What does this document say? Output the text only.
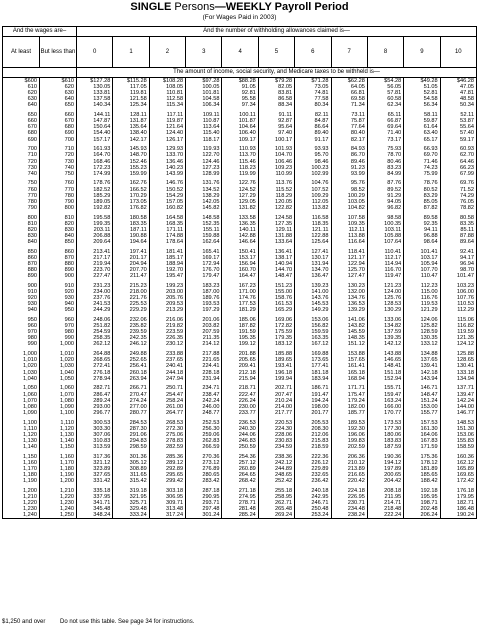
SINGLE Persons—WEEKLY Payroll Period
(For Wages Paid in 2003)
And the wages are–		And the number of withholding allowances claimed is—										
At least	But less than	0	1	2	3	4	5	6	7	8	9	10
		The amount of income, social security, and Medicare taxes to be withheld is—										
$600	$610	$127.28	$115.28	$108.28	$97.28	$88.28	$79.28	$71.28	$62.28	$54.28	$49.28	$46.28
610	620	130.05	117.05	108.05	100.05	91.05	82.05	73.05	64.05	56.05	51.05	47.05
620	630	133.81	119.81	110.81	101.81	92.81	83.81	74.81	66.81	57.81	52.81	47.81
630	640	137.58	121.58	112.58	104.58	95.58	86.58	77.58	69.58	60.58	54.58	48.58
640	650	140.34	125.34	115.34	106.34	97.34	88.34	80.34	71.34	62.34	56.34	50.34

650	660	144.11	128.11	117.11	109.11	100.11	91.11	82.11	73.11	65.11	58.11	52.11
660	670	147.87	131.87	119.87	110.87	101.87	92.87	84.87	75.87	66.87	59.87	53.87
670	680	150.64	135.64	121.64	113.64	104.64	95.64	86.64	77.64	69.64	61.64	55.64
680	690	154.40	138.40	124.40	115.40	106.40	97.40	89.40	80.40	71.40	63.40	57.40
690	700	157.17	142.17	126.17	118.17	109.17	100.17	91.17	82.17	73.17	65.17	59.17

700	710	161.93	145.93	129.93	119.93	110.93	101.93	93.93	84.93	75.93	66.93	60.93
710	720	164.70	148.70	133.70	122.70	113.70	104.70	95.70	86.70	78.70	69.70	62.70
720	730	168.46	152.46	136.46	124.46	115.46	106.46	98.46	89.46	80.46	71.46	64.46
730	740	172.23	155.23	140.23	127.23	118.23	109.23	100.23	91.23	83.23	74.23	66.23
740	750	174.99	159.99	143.99	128.99	119.99	110.99	102.99	93.99	84.99	75.99	67.99

750	760	178.76	162.76	146.76	131.76	122.76	113.76	104.76	95.76	87.76	78.76	69.76
760	770	182.52	166.52	150.52	134.52	124.52	115.52	107.52	98.52	89.52	80.52	71.52
770	780	185.29	170.29	154.29	138.29	127.29	118.29	109.29	100.29	91.29	83.29	74.29
780	790	189.05	173.05	157.05	142.05	129.05	120.05	112.05	103.05	94.05	85.05	76.05
790	800	192.82	176.82	160.82	145.82	131.82	122.82	113.82	104.82	96.82	87.82	78.82

800	810	195.58	180.58	164.58	148.58	133.58	124.58	116.58	107.58	98.58	89.58	80.58
810	820	199.35	183.35	168.35	152.35	136.35	127.35	118.35	109.35	100.35	92.35	83.35
820	830	203.11	187.11	171.11	155.11	140.11	129.11	121.11	112.11	103.11	94.11	85.11
830	840	206.88	190.88	174.88	159.88	142.88	131.88	122.88	113.88	105.88	96.88	87.88
840	850	209.64	194.64	178.64	162.64	146.64	133.64	125.64	116.64	107.64	98.64	89.64

850	860	213.41	197.41	181.41	165.41	150.41	136.41	127.41	118.41	110.41	101.41	92.41
860	870	217.17	201.17	185.17	169.17	153.17	138.17	130.17	121.17	112.17	103.17	94.17
870	880	219.94	204.94	188.94	172.94	156.94	140.94	131.94	122.94	114.94	105.94	96.94
880	890	223.70	207.70	192.70	176.70	160.70	144.70	134.70	125.70	116.70	107.70	98.70
890	900	227.47	211.47	195.47	179.47	164.47	148.47	136.47	127.47	119.47	110.47	101.47

900	910	231.23	215.23	199.23	183.23	167.23	151.23	139.23	130.23	121.23	112.23	103.23
910	920	234.00	218.00	203.00	187.00	171.00	155.00	141.00	132.00	124.00	115.00	106.00
920	930	237.76	221.76	205.76	189.76	174.76	158.76	143.76	134.76	125.76	116.76	107.76
930	940	241.53	225.53	209.53	193.53	177.53	161.53	145.53	136.53	128.53	119.53	110.53
940	950	244.29	229.29	213.29	197.29	181.29	165.29	149.29	139.29	130.29	121.29	112.29

950	960	248.06	232.06	216.06	201.06	185.06	169.06	153.06	141.06	133.06	124.06	115.06
960	970	251.82	235.82	219.82	203.82	187.82	172.82	156.82	143.82	134.82	125.82	116.82
970	980	254.59	239.59	223.59	207.59	191.59	175.59	159.59	145.59	137.59	128.59	119.59
980	990	258.35	242.35	226.35	211.35	195.35	179.35	163.35	148.35	139.35	130.35	121.35
990	1,000	262.12	246.12	230.12	214.12	199.12	183.12	167.12	151.12	142.12	133.12	124.12

1,000	1,010	264.88	249.88	233.88	217.88	201.88	185.88	169.88	153.88	143.88	134.88	125.88
1,010	1,020	268.65	252.65	237.65	221.65	205.65	189.65	173.65	157.65	146.65	137.65	128.65
1,020	1,030	272.41	256.41	240.41	224.41	209.41	193.41	177.41	161.41	148.41	139.41	130.41
1,030	1,040	276.18	260.18	244.18	228.18	212.18	196.18	181.18	165.18	151.18	142.18	133.18
1,040	1,050	278.94	263.94	247.94	231.94	215.94	199.94	183.94	168.94	152.94	143.94	134.94

1,050	1,060	282.71	266.71	250.71	234.71	218.71	202.71	186.71	171.71	155.71	146.71	137.71
1,060	1,070	286.47	270.47	254.47	238.47	222.47	207.47	191.47	175.47	159.47	148.47	139.47
1,070	1,080	289.24	274.24	258.24	242.24	226.24	210.24	194.24	179.24	163.24	151.24	142.24
1,080	1,090	293.00	277.00	261.00	246.00	230.00	214.00	198.00	182.00	166.00	153.00	144.00
1,090	1,100	296.77	280.77	264.77	248.77	233.77	217.77	201.77	185.77	170.77	155.77	146.77

1,100	1,110	300.53	284.53	268.53	252.53	236.53	220.53	205.53	189.53	173.53	157.53	148.53
1,110	1,120	303.30	287.30	272.30	256.30	240.30	224.30	208.30	192.30	177.30	161.30	151.30
1,120	1,130	307.06	291.06	275.06	259.06	244.06	228.06	212.06	196.06	180.06	164.06	153.06
1,130	1,140	310.83	294.83	278.83	262.83	246.83	230.83	215.83	199.83	183.83	167.83	155.83
1,140	1,150	313.59	298.59	282.59	266.59	250.59	234.59	218.59	202.59	187.59	171.59	158.59

1,150	1,160	317.36	301.36	285.36	270.36	254.36	238.36	222.36	206.36	190.36	175.36	160.36
1,160	1,170	321.12	305.12	289.12	273.12	257.12	242.12	226.12	210.12	194.12	178.12	162.12
1,170	1,180	323.89	308.89	292.89	276.89	260.89	244.89	229.89	213.89	197.89	181.89	165.89
1,180	1,190	327.65	311.65	295.65	280.65	264.65	248.65	232.65	216.65	200.65	185.65	169.65
1,190	1,200	331.42	315.42	299.42	283.42	268.42	252.42	236.42	220.42	204.42	188.42	172.42

1,200	1,210	335.18	319.18	303.18	287.18	271.18	255.18	240.18	224.18	208.18	192.18	176.18
1,210	1,220	337.95	321.95	306.95	290.95	274.95	258.95	242.95	226.95	211.95	195.95	179.95
1,220	1,230	341.71	325.71	309.71	293.71	278.71	262.71	246.71	230.71	214.71	198.71	182.71
1,230	1,240	345.48	329.48	313.48	297.48	281.48	265.48	250.48	234.48	218.48	202.48	186.48
1,240	1,250	348.24	333.24	317.24	301.24	285.24	269.24	253.24	238.24	222.24	206.24	190.24
$1,250 and over Do not use this table. See page 34 for instructions.
